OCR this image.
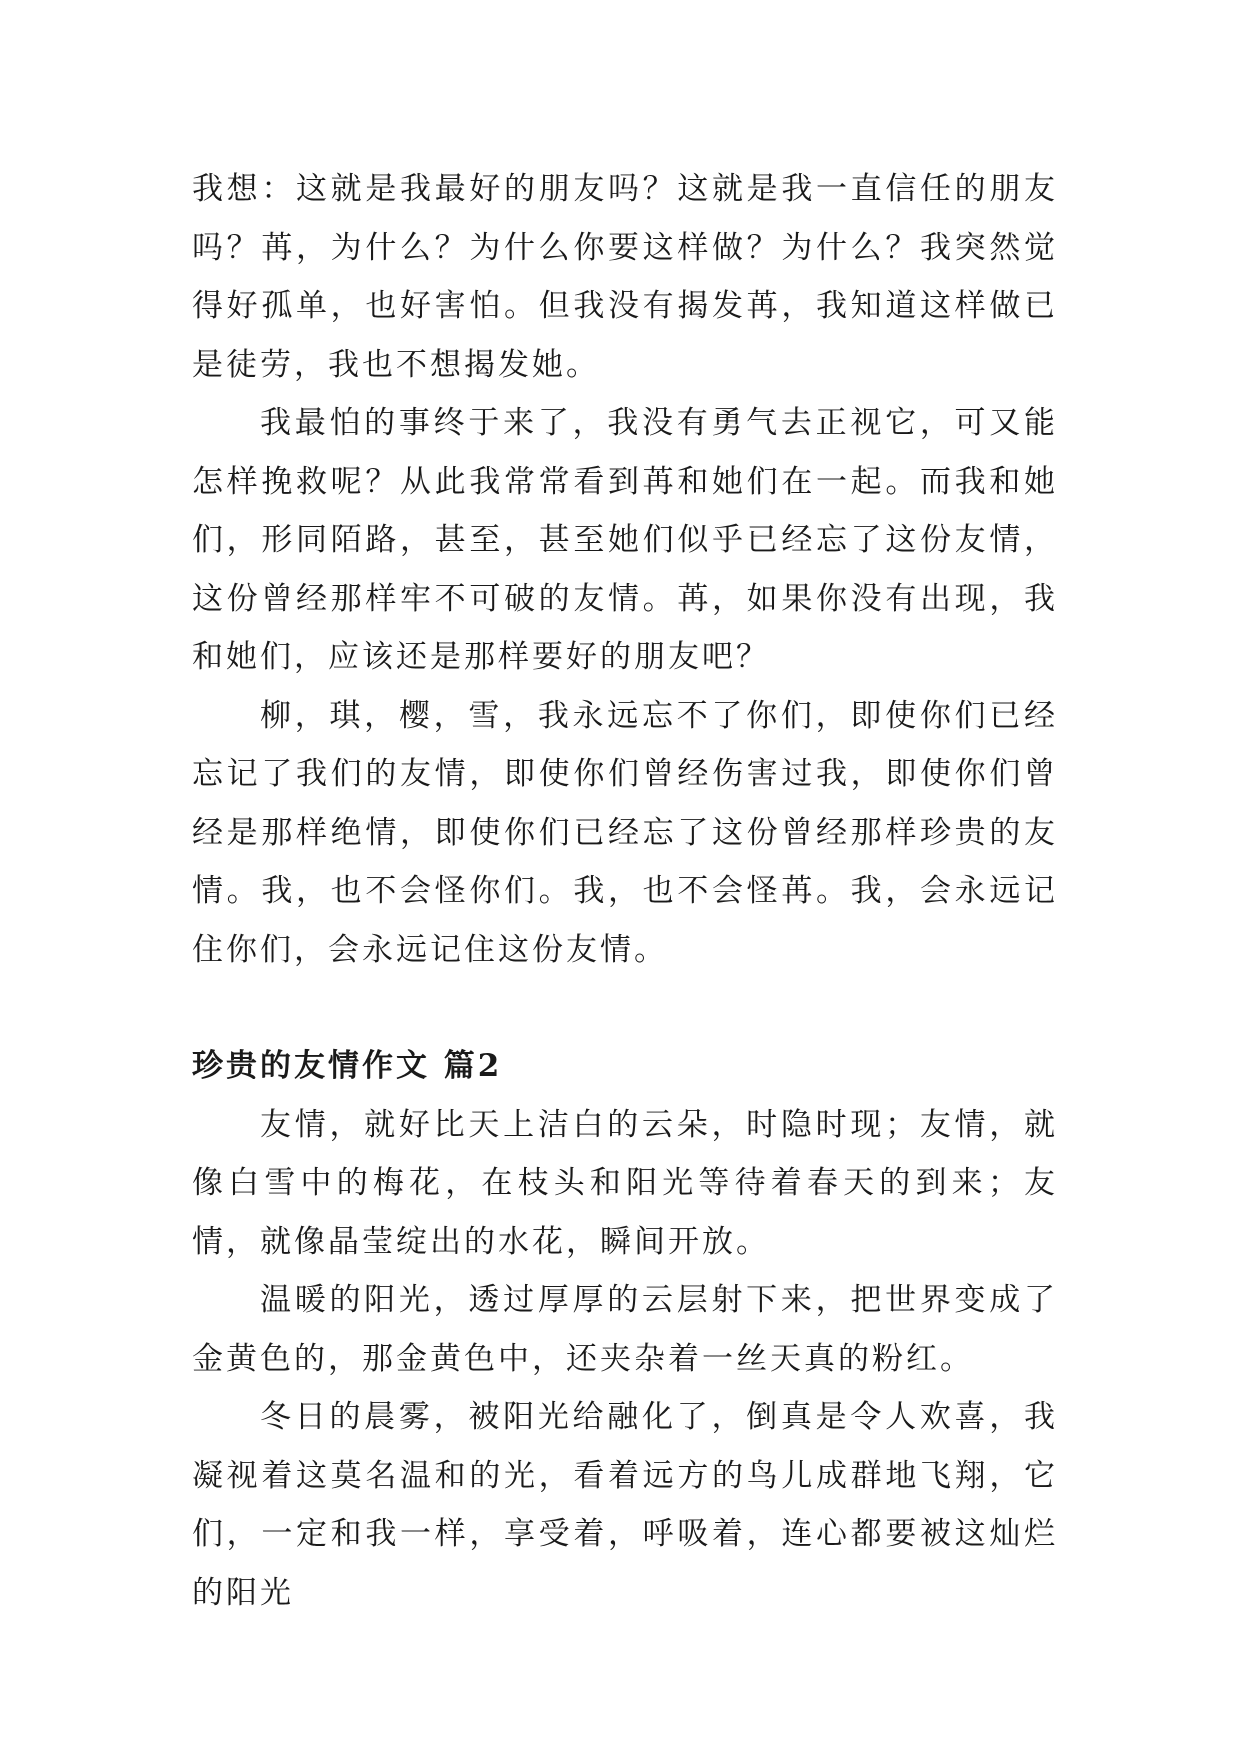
我想：这就是我最好的朋友吗？这就是我一直信任的朋友吗？苒，为什么？为什么你要这样做？为什么？我突然觉得好孤单，也好害怕。但我没有揭发苒，我知道这样做已是徒劳，我也不想揭发她。

我最怕的事终于来了，我没有勇气去正视它，可又能怎样挽救呢？从此我常常看到苒和她们在一起。而我和她们，形同陌路，甚至，甚至她们似乎已经忘了这份友情，这份曾经那样牢不可破的友情。苒，如果你没有出现，我和她们，应该还是那样要好的朋友吧？

柳，琪，樱，雪，我永远忘不了你们，即使你们已经忘记了我们的友情，即使你们曾经伤害过我，即使你们曾经是那样绝情，即使你们已经忘了这份曾经那样珍贵的友情。我，也不会怪你们。我，也不会怪苒。我，会永远记住你们，会永远记住这份友情。

珍贵的友情作文 篇2

友情，就好比天上洁白的云朵，时隐时现；友情，就像白雪中的梅花，在枝头和阳光等待着春天的到来；友情，就像晶莹绽出的水花，瞬间开放。

温暖的阳光，透过厚厚的云层射下来，把世界变成了金黄色的，那金黄色中，还夹杂着一丝天真的粉红。

冬日的晨雾，被阳光给融化了，倒真是令人欢喜，我凝视着这莫名温和的光，看着远方的鸟儿成群地飞翔，它们，一定和我一样，享受着，呼吸着，连心都要被这灿烂的阳光
